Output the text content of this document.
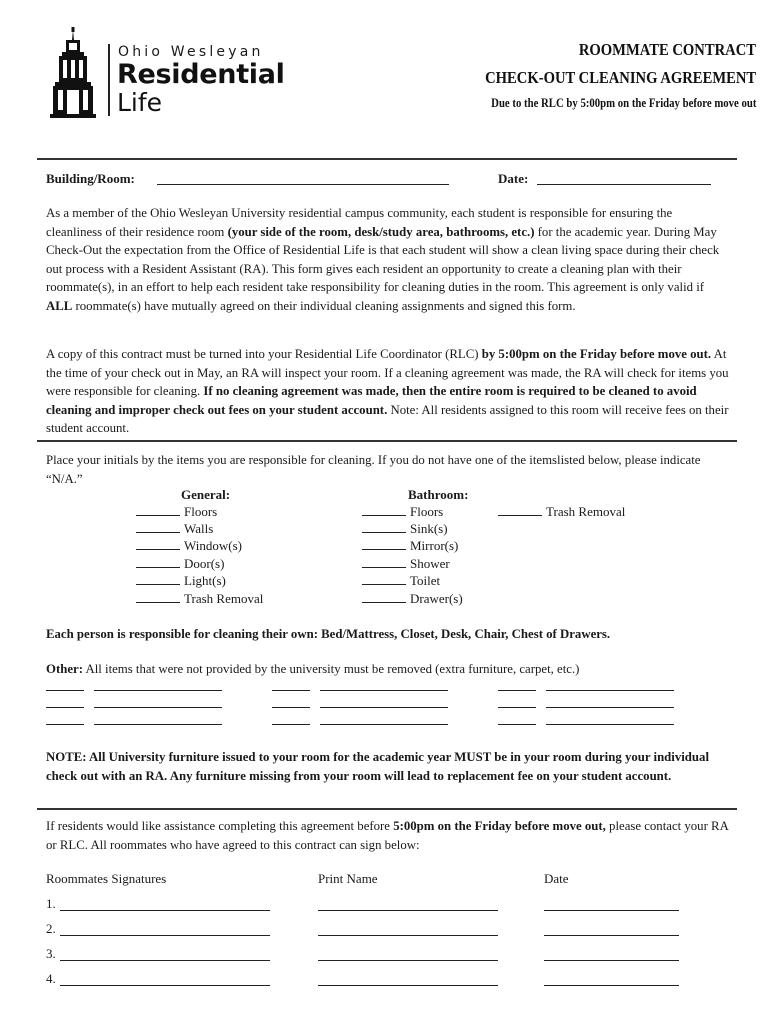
Ohio Wesleyan
Residential
Life
ROOMMATE CONTRACT
CHECK-OUT CLEANING AGREEMENT
Due to the RLC by 5:00pm on the Friday before move out
Building/Room:	Date:
As a member of the Ohio Wesleyan University residential campus community, each student is responsible for ensuring the cleanliness of their residence room (your side of the room, desk/study area, bathrooms, etc.) for the academic year. During May Check-Out the expectation from the Office of Residential Life is that each student will show a clean living space during their check out process with a Resident Assistant (RA). This form gives each resident an opportunity to create a cleaning plan with their roommate(s), in an effort to help each resident take responsibility for cleaning duties in the room. This agreement is only valid if ALL roommate(s) have mutually agreed on their individual cleaning assignments and signed this form.
A copy of this contract must be turned into your Residential Life Coordinator (RLC) by 5:00pm on the Friday before move out. At the time of your check out in May, an RA will inspect your room. If a cleaning agreement was made, the RA will check for items you were responsible for cleaning. If no cleaning agreement was made, then the entire room is required to be cleaned to avoid cleaning and improper check out fees on your student account. Note: All residents assigned to this room will receive fees on their student account.
Place your initials by the items you are responsible for cleaning. If you do not have one of the itemslisted below, please indicate “N/A.”
General:
Floors
Walls
Window(s)
Door(s)
Light(s)
Trash Removal
Bathroom:
Floors
Sink(s)
Mirror(s)
Shower
Toilet
Drawer(s)
Trash Removal
Each person is responsible for cleaning their own: Bed/Mattress, Closet, Desk, Chair, Chest of Drawers.
Other: All items that were not provided by the university must be removed (extra furniture, carpet, etc.)
NOTE: All University furniture issued to your room for the academic year MUST be in your room during your individual check out with an RA. Any furniture missing from your room will lead to replacement fee on your student account.
If residents would like assistance completing this agreement before 5:00pm on the Friday before move out, please contact your RA or RLC. All roommates who have agreed to this contract can sign below:
Roommates Signatures	Print Name	Date
1.
2.
3.
4.
